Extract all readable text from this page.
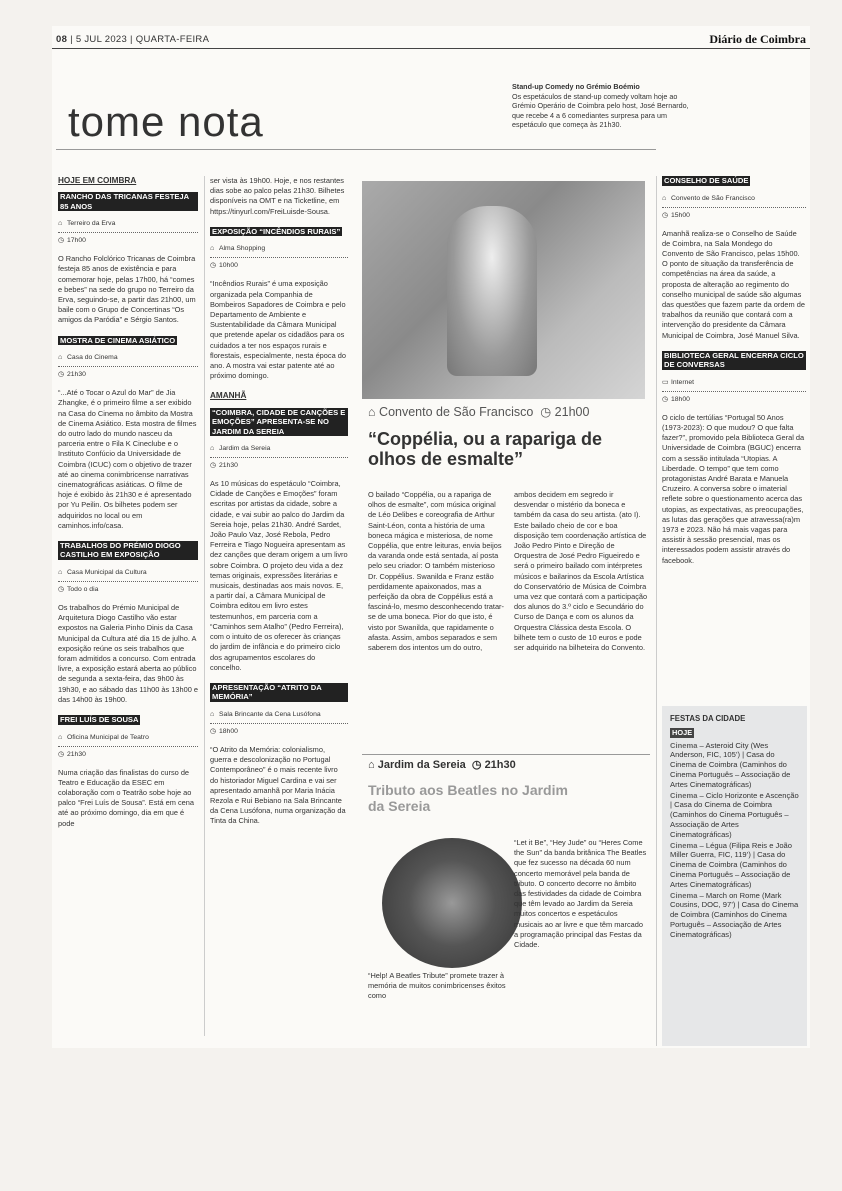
08 | 5 JUL 2023 | QUARTA-FEIRA	Diário de Coimbra
tome nota
Stand-up Comedy no Grémio Boémio
Os espetáculos de stand-up comedy voltam hoje ao Grémio Operário de Coimbra pelo host, José Bernardo, que recebe 4 a 6 comediantes surpresa para um espetáculo que começa às 21h30.
HOJE EM COIMBRA
RANCHO DAS TRICANAS FESTEJA 85 ANOS
⌂ Terreiro da Erva
◷ 17h00
O Rancho Folclórico Tricanas de Coimbra festeja 85 anos de existência e para comemorar hoje, pelas 17h00, há “comes e bebes” na sede do grupo no Terreiro da Erva, seguindo-se, a partir das 21h00, um baile com o Grupo de Concertinas “Os amigos da Paródia” e Sérgio Santos.
MOSTRA DE CINEMA ASIÁTICO
⌂ Casa do Cinema
◷ 21h30
“...Até o Tocar o Azul do Mar” de Jia Zhangke, é o primeiro filme a ser exibido na Casa do Cinema no âmbito da Mostra de Cinema Asiático. Esta mostra de filmes do outro lado do mundo nasceu da parceria entre o Fila K Cineclube e o Instituto Confúcio da Universidade de Coimbra (ICUC) com o objetivo de trazer até ao cinema conimbricense narrativas cinematográficas asiáticas. O filme de hoje é exibido às 21h30 e é apresentado por Yu Peilin. Os bilhetes podem ser adquiridos no local ou em caminhos.info/casa.
TRABALHOS DO PRÉMIO DIOGO CASTILHO EM EXPOSIÇÃO
⌂ Casa Municipal da Cultura
◷ Todo o dia
Os trabalhos do Prémio Municipal de Arquitetura Diogo Castilho vão estar expostos na Galeria Pinho Dinis da Casa Municipal da Cultura até dia 15 de julho. A exposição reúne os seis trabalhos que foram admitidos a concurso. Com entrada livre, a exposição estará aberta ao público de segunda a sexta-feira, das 9h00 às 19h30, e ao sábado das 11h00 às 13h00 e das 14h00 às 19h00.
FREI LUÍS DE SOUSA
⌂ Oficina Municipal de Teatro
◷ 21h30
Numa criação das finalistas do curso de Teatro e Educação da ESEC em colaboração com o Teatrão sobe hoje ao palco “Frei Luís de Sousa”. Está em cena até ao próximo domingo, dia em que é pode
ser vista às 19h00. Hoje, e nos restantes dias sobe ao palco pelas 21h30. Bilhetes disponíveis na OMT e na Ticketline, em https://tinyurl.com/FreiLuisde-Sousa.
EXPOSIÇÃO “INCÊNDIOS RURAIS”
⌂ Alma Shopping
◷ 10h00
“Incêndios Rurais” é uma exposição organizada pela Companhia de Bombeiros Sapadores de Coimbra e pelo Departamento de Ambiente e Sustentabilidade da Câmara Municipal que pretende apelar os cidadãos para os cuidados a ter nos espaços rurais e florestais, especialmente, nesta época do ano. A mostra vai estar patente até ao próximo domingo.
AMANHÃ
“COIMBRA, CIDADE DE CANÇÕES E EMOÇÕES” APRESENTA-SE NO JARDIM DA SEREIA
⌂ Jardim da Sereia
◷ 21h30
As 10 músicas do espetáculo “Coimbra, Cidade de Canções e Emoções” foram escritas por artistas da cidade, sobre a cidade, e vai subir ao palco do Jardim da Sereia hoje, pelas 21h30. André Sardet, João Paulo Vaz, José Rebola, Pedro Ferreira e Tiago Nogueira apresentam as dez canções que deram origem a um livro sobre Coimbra. O projeto deu vida a dez temas originais, expressões literárias e musicais, destinadas aos mais novos. E, a partir daí, a Câmara Municipal de Coimbra editou em livro estes testemunhos, em parceria com a “Caminhos sem Atalho” (Pedro Ferreira), com o intuito de os oferecer às crianças do jardim de infância e do primeiro ciclo dos agrupamentos escolares do concelho.
APRESENTAÇÃO “ATRITO DA MEMÓRIA”
⌂ Sala Brincante da Cena Lusófona
◷ 18h00
“O Atrito da Memória: colonialismo, guerra e descolonização no Portugal Contemporâneo” é o mais recente livro do historiador Miguel Cardina e vai ser apresentado amanhã por Maria Inácia Rezola e Rui Bebiano na Sala Brincante da Cena Lusófona, numa organização da Tinta da China.
⌂ Convento de São Francisco  ◷ 21h00
“Coppélia, ou a rapariga de olhos de esmalte”
O bailado “Coppélia, ou a rapariga de olhos de esmalte”, com música original de Léo Delibes e coreografia de Arthur Saint-Léon, conta a história de uma boneca mágica e misteriosa, de nome Coppélia, que entre leituras, envia beijos da varanda onde está sentada, aí posta pelo seu criador: O também misterioso Dr. Coppélius. Swanilda e Franz estão perdidamente apaixonados, mas a perfeição da obra de Coppélius está a fasciná-lo, mesmo desconhecendo tratar-se de uma boneca. Pior do que isto, é visto por Swanilda, que rapidamente o afasta. Assim, ambos separados e sem saberem dos intentos um do outro,
ambos decidem em segredo ir desvendar o mistério da boneca e também da casa do seu artista. (ato I). Este bailado cheio de cor e boa disposição tem coordenação artística de João Pedro Pinto e Direção de Orquestra de José Pedro Figueiredo e será o primeiro bailado com intérpretes músicos e bailarinos da Escola Artística do Conservatório de Música de Coimbra uma vez que contará com a participação dos alunos do 3.º ciclo e Secundário do Curso de Dança e com os alunos da Orquestra Clássica desta Escola. O bilhete tem o custo de 10 euros e pode ser adquirido na bilheteira do Convento.
⌂ Jardim da Sereia  ◷ 21h30
Tributo aos Beatles no Jardim da Sereia
“Help! A Beatles Tribute” promete trazer à memória de muitos conimbricenses êxitos como
“Let it Be”, “Hey Jude” ou “Heres Come the Sun” da banda britânica The Beatles que fez sucesso na década 60 num concerto memorável pela banda de tributo. O concerto decorre no âmbito das festividades da cidade de Coimbra que têm levado ao Jardim da Sereia muitos concertos e espetáculos musicais ao ar livre e que têm marcado a programação principal das Festas da Cidade.
CONSELHO DE SAÚDE
⌂ Convento de São Francisco
◷ 15h00
Amanhã realiza-se o Conselho de Saúde de Coimbra, na Sala Mondego do Convento de São Francisco, pelas 15h00. O ponto de situação da transferência de competências na área da saúde, a proposta de alteração ao regimento do conselho municipal de saúde são algumas das questões que fazem parte da ordem de trabalhos da reunião que contará com a intervenção do presidente da Câmara Municipal de Coimbra, José Manuel Silva.
BIBLIOTECA GERAL ENCERRA CICLO DE CONVERSAS
▭ Internet
◷ 18h00
O ciclo de tertúlias “Portugal 50 Anos (1973-2023): O que mudou? O que falta fazer?”, promovido pela Biblioteca Geral da Universidade de Coimbra (BGUC) encerra com a sessão intitulada “Utopias. A Liberdade. O tempo” que tem como protagonistas André Barata e Manuela Cruzeiro. A conversa sobre o imaterial reflete sobre o questionamento acerca das utopias, as expectativas, as preocupações, as lutas das gerações que atravessa(ra)m 1973 e 2023. Não há mais vagas para assistir à sessão presencial, mas os interessados podem assistir através do facebook.
FESTAS DA CIDADE
HOJE
Cinema – Asteroid City (Wes Anderson, FIC, 105’) | Casa do Cinema de Coimbra (Caminhos do Cinema Português – Associação de Artes Cinematográficas)
Cinema – Ciclo Horizonte e Ascenção | Casa do Cinema de Coimbra (Caminhos do Cinema Português – Associação de Artes Cinematográficas)
Cinema – Légua (Filipa Reis e João Miller Guerra, FIC, 119’) | Casa do Cinema de Coimbra (Caminhos do Cinema Português – Associação de Artes Cinematográficas)
Cinema – March on Rome (Mark Cousins, DOC, 97’) | Casa do Cinema de Coimbra (Caminhos do Cinema Português – Associação de Artes Cinematográficas)
